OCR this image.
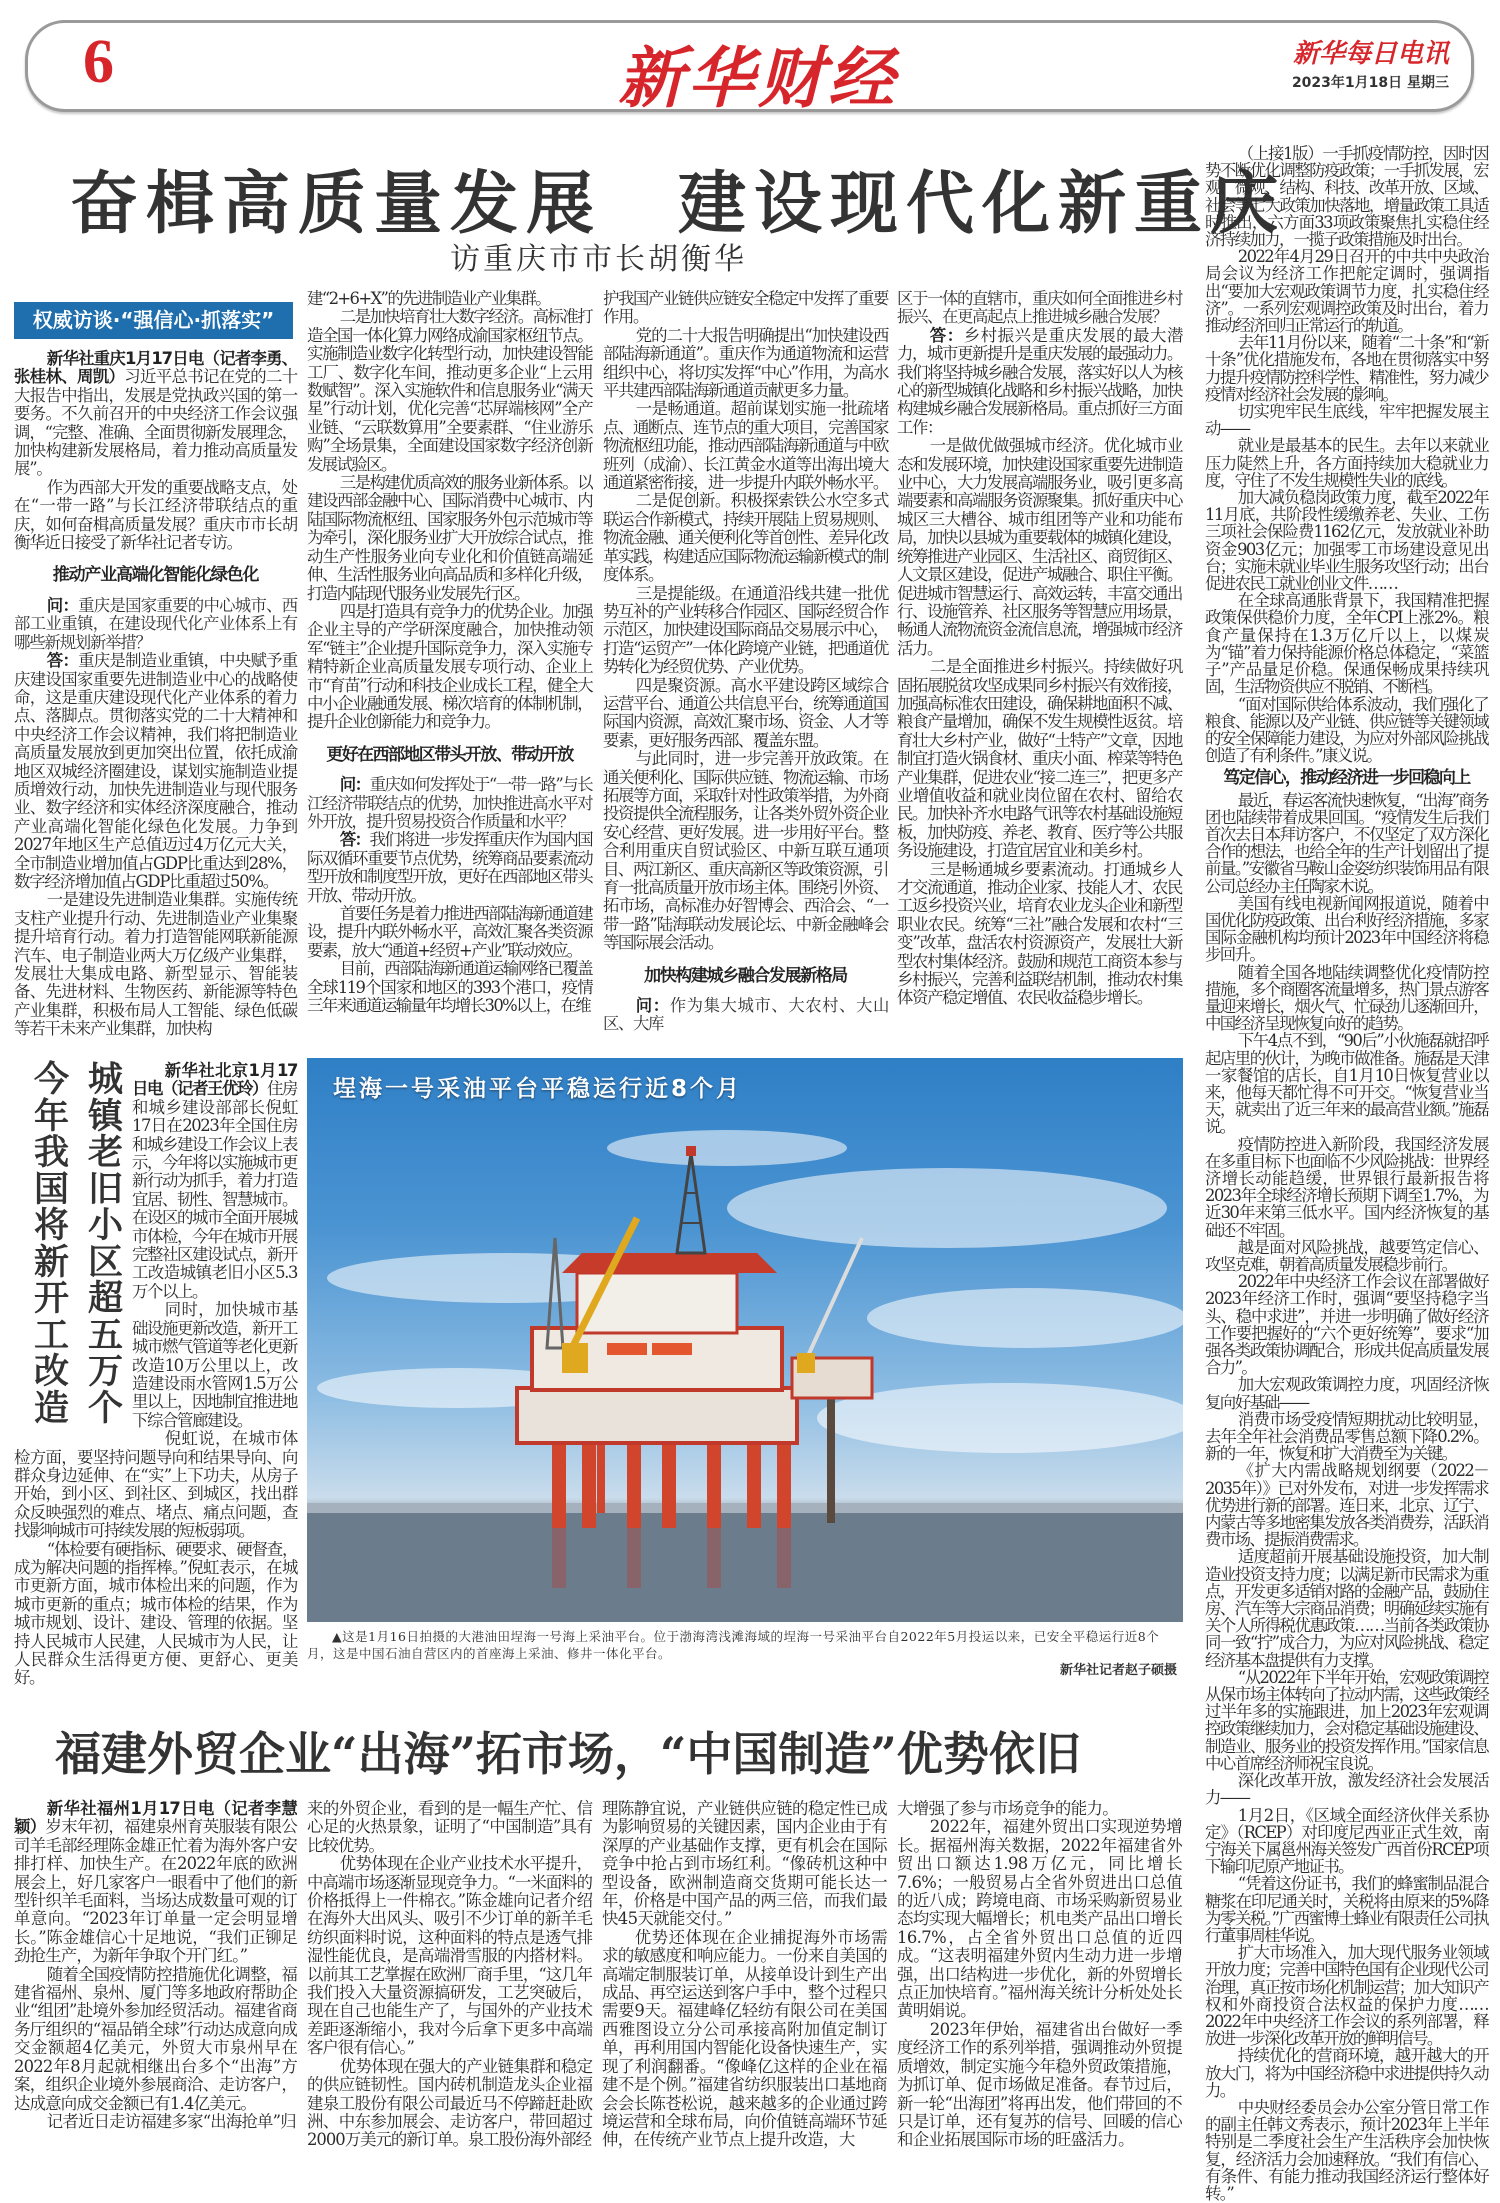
6	新华财经	新华每日电讯
2023年1月18日 星期三
奋楫高质量发展　建设现代化新重庆
访重庆市市长胡衡华
权威访谈·“强信心·抓落实”

新华社重庆1月17日电（记者李勇、张桂林、周凯）习近平总书记在党的二十大报告中指出，发展是党执政兴国的第一要务。不久前召开的中央经济工作会议强调，“完整、准确、全面贯彻新发展理念，加快构建新发展格局，着力推动高质量发展”。

作为西部大开发的重要战略支点，处在“一带一路”与长江经济带联结点的重庆，如何奋楫高质量发展？重庆市市长胡衡华近日接受了新华社记者专访。

推动产业高端化智能化绿色化

问：重庆是国家重要的中心城市、西部工业重镇，在建设现代化产业体系上有哪些新规划新举措？

答：重庆是制造业重镇，中央赋予重庆建设国家重要先进制造业中心的战略使命，这是重庆建设现代化产业体系的着力点、落脚点。贯彻落实党的二十大精神和中央经济工作会议精神，我们将把制造业高质量发展放到更加突出位置，依托成渝地区双城经济圈建设，谋划实施制造业提质增效行动，加快先进制造业与现代服务业、数字经济和实体经济深度融合，推动产业高端化智能化绿色化发展。力争到2027年地区生产总值迈过4万亿元大关，全市制造业增加值占GDP比重达到28%，数字经济增加值占GDP比重超过50%。

一是建设先进制造业集群。实施传统支柱产业提升行动、先进制造业产业集聚提升培育行动。着力打造智能网联新能源汽车、电子制造业两大万亿级产业集群，发展壮大集成电路、新型显示、智能装备、先进材料、生物医药、新能源等特色产业集群，积极布局人工智能、绿色低碳等若干未来产业集群，加快构

建“2+6+X”的先进制造业产业集群。

二是加快培育壮大数字经济。高标准打造全国一体化算力网络成渝国家枢纽节点。实施制造业数字化转型行动，加快建设智能工厂、数字化车间，推动更多企业“上云用数赋智”。深入实施软件和信息服务业“满天星”行动计划，优化完善“芯屏端核网”全产业链、“云联数算用”全要素群、“住业游乐购”全场景集，全面建设国家数字经济创新发展试验区。

三是构建优质高效的服务业新体系。以建设西部金融中心、国际消费中心城市、内陆国际物流枢纽、国家服务外包示范城市等为牵引，深化服务业扩大开放综合试点，推动生产性服务业向专业化和价值链高端延伸、生活性服务业向高品质和多样化升级，打造内陆现代服务业发展先行区。

四是打造具有竞争力的优势企业。加强企业主导的产学研深度融合，加快推动领军“链主”企业提升国际竞争力，深入实施专精特新企业高质量发展专项行动、企业上市“育苗”行动和科技企业成长工程，健全大中小企业融通发展、梯次培育的体制机制，提升企业创新能力和竞争力。

更好在西部地区带头开放、带动开放

问：重庆如何发挥处于“一带一路”与长江经济带联结点的优势，加快推进高水平对外开放，提升贸易投资合作质量和水平？

答：我们将进一步发挥重庆作为国内国际双循环重要节点优势，统筹商品要素流动型开放和制度型开放，更好在西部地区带头开放、带动开放。

首要任务是着力推进西部陆海新通道建设，提升内联外畅水平，高效汇聚各类资源要素，放大“通道+经贸+产业”联动效应。

目前，西部陆海新通道运输网络已覆盖全球119个国家和地区的393个港口，疫情三年来通道运输量年均增长30%以上，在维

护我国产业链供应链安全稳定中发挥了重要作用。

党的二十大报告明确提出“加快建设西部陆海新通道”。重庆作为通道物流和运营组织中心，将切实发挥“中心”作用，为高水平共建西部陆海新通道贡献更多力量。

一是畅通道。超前谋划实施一批疏堵点、通断点、连节点的重大项目，完善国家物流枢纽功能，推动西部陆海新通道与中欧班列（成渝）、长江黄金水道等出海出境大通道紧密衔接，进一步提升内联外畅水平。

二是促创新。积极探索铁公水空多式联运合作新模式，持续开展陆上贸易规则、物流金融、通关便利化等首创性、差异化改革实践，构建适应国际物流运输新模式的制度体系。

三是提能级。在通道沿线共建一批优势互补的产业转移合作园区、国际经贸合作示范区，加快建设国际商品交易展示中心，打造“运贸产”一体化跨境产业链，把通道优势转化为经贸优势、产业优势。

四是聚资源。高水平建设跨区域综合运营平台、通道公共信息平台，统筹通道国际国内资源，高效汇聚市场、资金、人才等要素，更好服务西部、覆盖东盟。

与此同时，进一步完善开放政策。在通关便利化、国际供应链、物流运输、市场拓展等方面，采取针对性政策举措，为外商投资提供全流程服务，让各类外贸外资企业安心经营、更好发展。进一步用好平台。整合利用重庆自贸试验区、中新互联互通项目、两江新区、重庆高新区等政策资源，引育一批高质量开放市场主体。围绕引外资、拓市场，高标准办好智博会、西洽会、“一带一路”陆海联动发展论坛、中新金融峰会等国际展会活动。

加快构建城乡融合发展新格局

问：作为集大城市、大农村、大山区、大库

区于一体的直辖市，重庆如何全面推进乡村振兴、在更高起点上推进城乡融合发展？

答：乡村振兴是重庆发展的最大潜力，城市更新提升是重庆发展的最强动力。我们将坚持城乡融合发展，落实好以人为核心的新型城镇化战略和乡村振兴战略，加快构建城乡融合发展新格局。重点抓好三方面工作：

一是做优做强城市经济。优化城市业态和发展环境，加快建设国家重要先进制造业中心，大力发展高端服务业，吸引更多高端要素和高端服务资源聚集。抓好重庆中心城区三大槽谷、城市组团等产业和功能布局，加快以县城为重要载体的城镇化建设，统筹推进产业园区、生活社区、商贸街区、人文景区建设，促进产城融合、职住平衡。促进城市智慧运行、高效运转，丰富交通出行、设施管养、社区服务等智慧应用场景，畅通人流物流资金流信息流，增强城市经济活力。

二是全面推进乡村振兴。持续做好巩固拓展脱贫攻坚成果同乡村振兴有效衔接，加强高标准农田建设，确保耕地面积不减、粮食产量增加，确保不发生规模性返贫。培育壮大乡村产业，做好“土特产”文章，因地制宜打造火锅食材、重庆小面、榨菜等特色产业集群，促进农业“接二连三”，把更多产业增值收益和就业岗位留在农村、留给农民。加快补齐水电路气讯等农村基础设施短板，加快防疫、养老、教育、医疗等公共服务设施建设，打造宜居宜业和美乡村。

三是畅通城乡要素流动。打通城乡人才交流通道，推动企业家、技能人才、农民工返乡投资兴业，培育农业龙头企业和新型职业农民。统筹“三社”融合发展和农村“三变”改革，盘活农村资源资产，发展壮大新型农村集体经济。鼓励和规范工商资本参与乡村振兴，完善利益联结机制，推动农村集体资产稳定增值、农民收益稳步增长。

（上接1版）一手抓疫情防控，因时因势不断优化调整防疫政策；一手抓发展，宏观、微观、结构、科技、改革开放、区域、社会等七大政策加快落地，增量政策工具适时推出，六方面33项政策聚焦扎实稳住经济持续加力，一揽子政策措施及时出台。

2022年4月29日召开的中共中央政治局会议为经济工作把舵定调时，强调指出“要加大宏观政策调节力度，扎实稳住经济”。一系列宏观调控政策及时出台，着力推动经济回归正常运行的轨道。

去年11月份以来，随着“二十条”和“新十条”优化措施发布，各地在贯彻落实中努力提升疫情防控科学性、精准性，努力减少疫情对经济社会发展的影响。

切实兜牢民生底线，牢牢把握发展主动——

就业是最基本的民生。去年以来就业压力陡然上升，各方面持续加大稳就业力度，守住了不发生规模性失业的底线。

加大减负稳岗政策力度，截至2022年11月底，共阶段性缓缴养老、失业、工伤三项社会保险费1162亿元，发放就业补助资金903亿元；加强零工市场建设意见出台；实施未就业毕业生服务攻坚行动；出台促进农民工就业创业文件……

在全球高通胀背景下，我国精准把握政策保供稳价力度，全年CPI上涨2%。粮食产量保持在1.3万亿斤以上，以煤炭为“锚”着力保持能源价格总体稳定，“菜篮子”产品量足价稳。保通保畅成果持续巩固，生活物资供应不脱销、不断档。

“面对国际供给体系波动，我们强化了粮食、能源以及产业链、供应链等关键领域的安全保障能力建设，为应对外部风险挑战创造了有利条件。”康义说。

笃定信心，推动经济进一步回稳向上

最近，春运客流快速恢复，“出海”商务团也陆续带着成果回国。“疫情发生后我们首次去日本拜访客户，不仅坚定了双方深化合作的想法，也给全年的生产计划留出了提前量。”安徽省马鞍山金姿纺织装饰用品有限公司总经办主任陶家木说。

美国有线电视新闻网报道说，随着中国优化防疫政策、出台利好经济措施，多家国际金融机构均预计2023年中国经济将稳步回升。

随着全国各地陆续调整优化疫情防控措施，多个商圈客流量增多，热门景点游客量迎来增长，烟火气、忙碌劲儿逐渐回升，中国经济呈现恢复向好的趋势。

下午4点不到，“90后”小伙施磊就招呼起店里的伙计，为晚市做准备。施磊是天津一家餐馆的店长，自1月10日恢复营业以来，他每天都忙得不可开交。“恢复营业当天，就卖出了近三年来的最高营业额。”施磊说。

疫情防控进入新阶段，我国经济发展在多重目标下也面临不少风险挑战：世界经济增长动能趋缓，世界银行最新报告将2023年全球经济增长预期下调至1.7%，为近30年来第三低水平。国内经济恢复的基础还不牢固。

越是面对风险挑战，越要笃定信心、攻坚克难，朝着高质量发展稳步前行。

2022年中央经济工作会议在部署做好2023年经济工作时，强调“要坚持稳字当头、稳中求进”，并进一步明确了做好经济工作要把握好的“六个更好统筹”，要求“加强各类政策协调配合，形成共促高质量发展合力”。

加大宏观政策调控力度，巩固经济恢复向好基础——

消费市场受疫情短期扰动比较明显，去年全年社会消费品零售总额下降0.2%。新的一年，恢复和扩大消费至为关键。

《扩大内需战略规划纲要（2022－2035年）》已对外发布，对进一步发挥需求优势进行新的部署。连日来，北京、辽宁、内蒙古等多地密集发放各类消费券，活跃消费市场、提振消费需求。

适度超前开展基础设施投资，加大制造业投资支持力度；以满足新市民需求为重点，开发更多适销对路的金融产品，鼓励住房、汽车等大宗商品消费；明确延续实施有关个人所得税优惠政策……当前各类政策协同一致“拧”成合力，为应对风险挑战、稳定经济基本盘提供有力支撑。

“从2022年下半年开始，宏观政策调控从保市场主体转向了拉动内需，这些政策经过半年多的实施跟进，加上2023年宏观调控政策继续加力，会对稳定基础设施建设、制造业、服务业的投资发挥作用。”国家信息中心首席经济师祝宝良说。

深化改革开放，激发经济社会发展活力——

1月2日，《区域全面经济伙伴关系协定》（RCEP）对印度尼西亚正式生效，南宁海关下属邕州海关签发广西首份RCEP项下输印尼原产地证书。

“凭着这份证书，我们的蜂蜜制品混合糖浆在印尼通关时，关税将由原来的5%降为零关税。”广西蜜博士蜂业有限责任公司执行董事周桂华说。

扩大市场准入，加大现代服务业领域开放力度；完善中国特色国有企业现代公司治理，真正按市场化机制运营；加大知识产权和外商投资合法权益的保护力度……2022年中央经济工作会议的系列部署，释放进一步深化改革开放的鲜明信号。

持续优化的营商环境，越开越大的开放大门，将为中国经济稳中求进提供持久动力。

中央财经委员会办公室分管日常工作的副主任韩文秀表示，预计2023年上半年特别是二季度社会生产生活秩序会加快恢复，经济活力会加速释放。“我们有信心、有条件、有能力推动我国经济运行整体好转。”

今年我国将新开工改造
城镇老旧小区超五万个

新华社北京1月17日电（记者王优玲）住房和城乡建设部部长倪虹17日在2023年全国住房和城乡建设工作会议上表示，今年将以实施城市更新行动为抓手，着力打造宜居、韧性、智慧城市。在设区的城市全面开展城市体检，今年在城市开展完整社区建设试点，新开工改造城镇老旧小区5.3万个以上。

同时，加快城市基础设施更新改造，新开工城市燃气管道等老化更新改造10万公里以上，改造建设雨水管网1.5万公里以上，因地制宜推进地下综合管廊建设。

倪虹说，在城市体检方面，要坚持问题导向和结果导向、向群众身边延伸、在“实”上下功夫，从房子开始，到小区、到社区、到城区，找出群众反映强烈的难点、堵点、痛点问题，查找影响城市可持续发展的短板弱项。

“体检要有硬指标、硬要求、硬督查，成为解决问题的指挥棒。”倪虹表示，在城市更新方面，城市体检出来的问题，作为城市更新的重点；城市体检的结果，作为城市规划、设计、建设、管理的依据。坚持人民城市人民建，人民城市为人民，让人民群众生活得更方便、更舒心、更美好。

埕海一号采油平台平稳运行近8个月
▲这是1月16日拍摄的大港油田埕海一号海上采油平台。位于渤海湾浅滩海域的埕海一号采油平台自2022年5月投运以来，已安全平稳运行近8个月，这是中国石油自营区内的首座海上采油、修井一体化平台。
新华社记者赵子硕摄
福建外贸企业“出海”拓市场，“中国制造”优势依旧

新华社福州1月17日电（记者李慧颖）岁末年初，福建泉州育英服装有限公司羊毛部经理陈金雄正忙着为海外客户安排打样、加快生产。在2022年底的欧洲展会上，好几家客户一眼看中了他们的新型针织羊毛面料，当场达成数量可观的订单意向。“2023年订单量一定会明显增长。”陈金雄信心十足地说，“我们正铆足劲抢生产，为新年争取个开门红。”

随着全国疫情防控措施优化调整，福建省福州、泉州、厦门等多地政府帮助企业“组团”赴境外参加经贸活动。福建省商务厅组织的“福品销全球”行动达成意向成交金额超4亿美元，外贸大市泉州早在2022年8月起就相继出台多个“出海”方案，组织企业境外参展商洽、走访客户，达成意向成交金额已有1.4亿美元。

记者近日走访福建多家“出海抢单”归

来的外贸企业，看到的是一幅生产忙、信心足的火热景象，证明了“中国制造”具有比较优势。

优势体现在企业产业技术水平提升，中高端市场逐渐显现竞争力。“一米面料的价格抵得上一件棉衣。”陈金雄向记者介绍在海外大出风头、吸引不少订单的新羊毛纺织面料时说，这种面料的特点是透气排湿性能优良，是高端滑雪服的内搭材料。以前其工艺掌握在欧洲厂商手里，“这几年我们投入大量资源搞研发，工艺突破后，现在自己也能生产了，与国外的产业技术差距逐渐缩小，我对今后拿下更多中高端客户很有信心。”

优势体现在强大的产业链集群和稳定的供应链韧性。国内砖机制造龙头企业福建泉工股份有限公司最近马不停蹄赶赴欧洲、中东参加展会、走访客户，带回超过2000万美元的新订单。泉工股份海外部经

理陈静宜说，产业链供应链的稳定性已成为影响贸易的关键因素，国内企业由于有深厚的产业基础作支撑，更有机会在国际竞争中抢占到市场红利。“像砖机这种中型设备，欧洲制造商交货期可能长达一年，价格是中国产品的两三倍，而我们最快45天就能交付。”

优势还体现在企业捕捉海外市场需求的敏感度和响应能力。一份来自美国的高端定制服装订单，从接单设计到生产出成品、再空运送到客户手中，整个过程只需要9天。福建峰亿轻纺有限公司在美国西雅图设立分公司承接高附加值定制订单，再利用国内智能化设备快速生产，实现了利润翻番。“像峰亿这样的企业在福建不是个例。”福建省纺织服装出口基地商会会长陈苍松说，越来越多的企业通过跨境运营和全球布局，向价值链高端环节延伸，在传统产业节点上提升改造，大

大增强了参与市场竞争的能力。

2022年，福建外贸出口实现逆势增长。据福州海关数据，2022年福建省外贸出口额达1.98万亿元，同比增长7.6%；一般贸易占全省外贸进出口总值的近八成；跨境电商、市场采购新贸易业态均实现大幅增长；机电类产品出口增长16.7%，占全省外贸出口总值的近四成。“这表明福建外贸内生动力进一步增强，出口结构进一步优化，新的外贸增长点正加快培育。”福州海关统计分析处处长黄明娟说。

2023年伊始，福建省出台做好一季度经济工作的系列举措，强调推动外贸提质增效，制定实施今年稳外贸政策措施，为抓订单、促市场做足准备。春节过后，新一轮“出海团”将再出发，他们带回的不只是订单，还有复苏的信号、回暖的信心和企业拓展国际市场的旺盛活力。
